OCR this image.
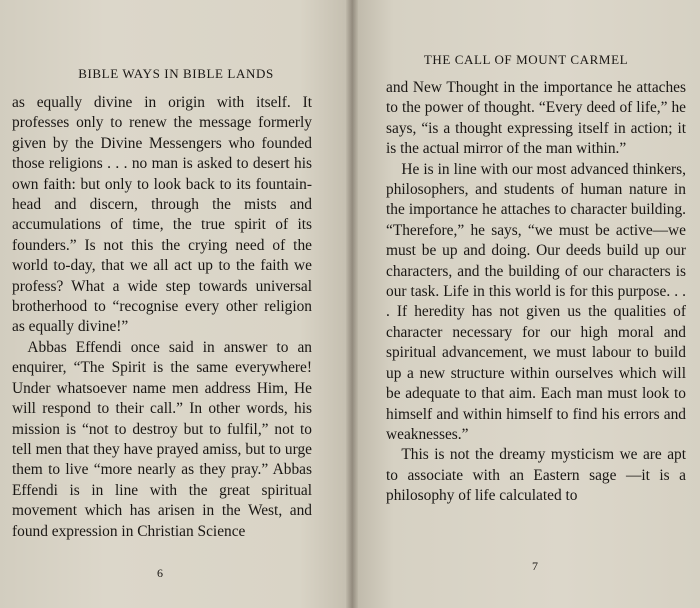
BIBLE WAYS IN BIBLE LANDS

as equally divine in origin with itself. It professes only to renew the message formerly given by the Divine Messengers who founded those religions . . . no man is asked to desert his own faith: but only to look back to its fountain-head and discern, through the mists and accumulations of time, the true spirit of its founders.” Is not this the crying need of the world to-day, that we all act up to the faith we profess? What a wide step towards universal brotherhood to “recognise every other religion as equally divine!”

Abbas Effendi once said in answer to an enquirer, “The Spirit is the same everywhere! Under whatsoever name men address Him, He will respond to their call.” In other words, his mission is “not to destroy but to fulfil,” not to tell men that they have prayed amiss, but to urge them to live “more nearly as they pray.” Abbas Effendi is in line with the great spiritual movement which has arisen in the West, and found expression in Christian Science

6
THE CALL OF MOUNT CARMEL

and New Thought in the importance he attaches to the power of thought. “Every deed of life,” he says, “is a thought expressing itself in action; it is the actual mirror of the man within.”

He is in line with our most advanced thinkers, philosophers, and students of human nature in the importance he attaches to character building. “Therefore,” he says, “we must be active—we must be up and doing. Our deeds build up our characters, and the building of our characters is our task. Life in this world is for this purpose. . . . If heredity has not given us the qualities of character necessary for our high moral and spiritual advancement, we must labour to build up a new structure within ourselves which will be adequate to that aim. Each man must look to himself and within himself to find his errors and weaknesses.”

This is not the dreamy mysticism we are apt to associate with an Eastern sage —it is a philosophy of life calculated to

7
